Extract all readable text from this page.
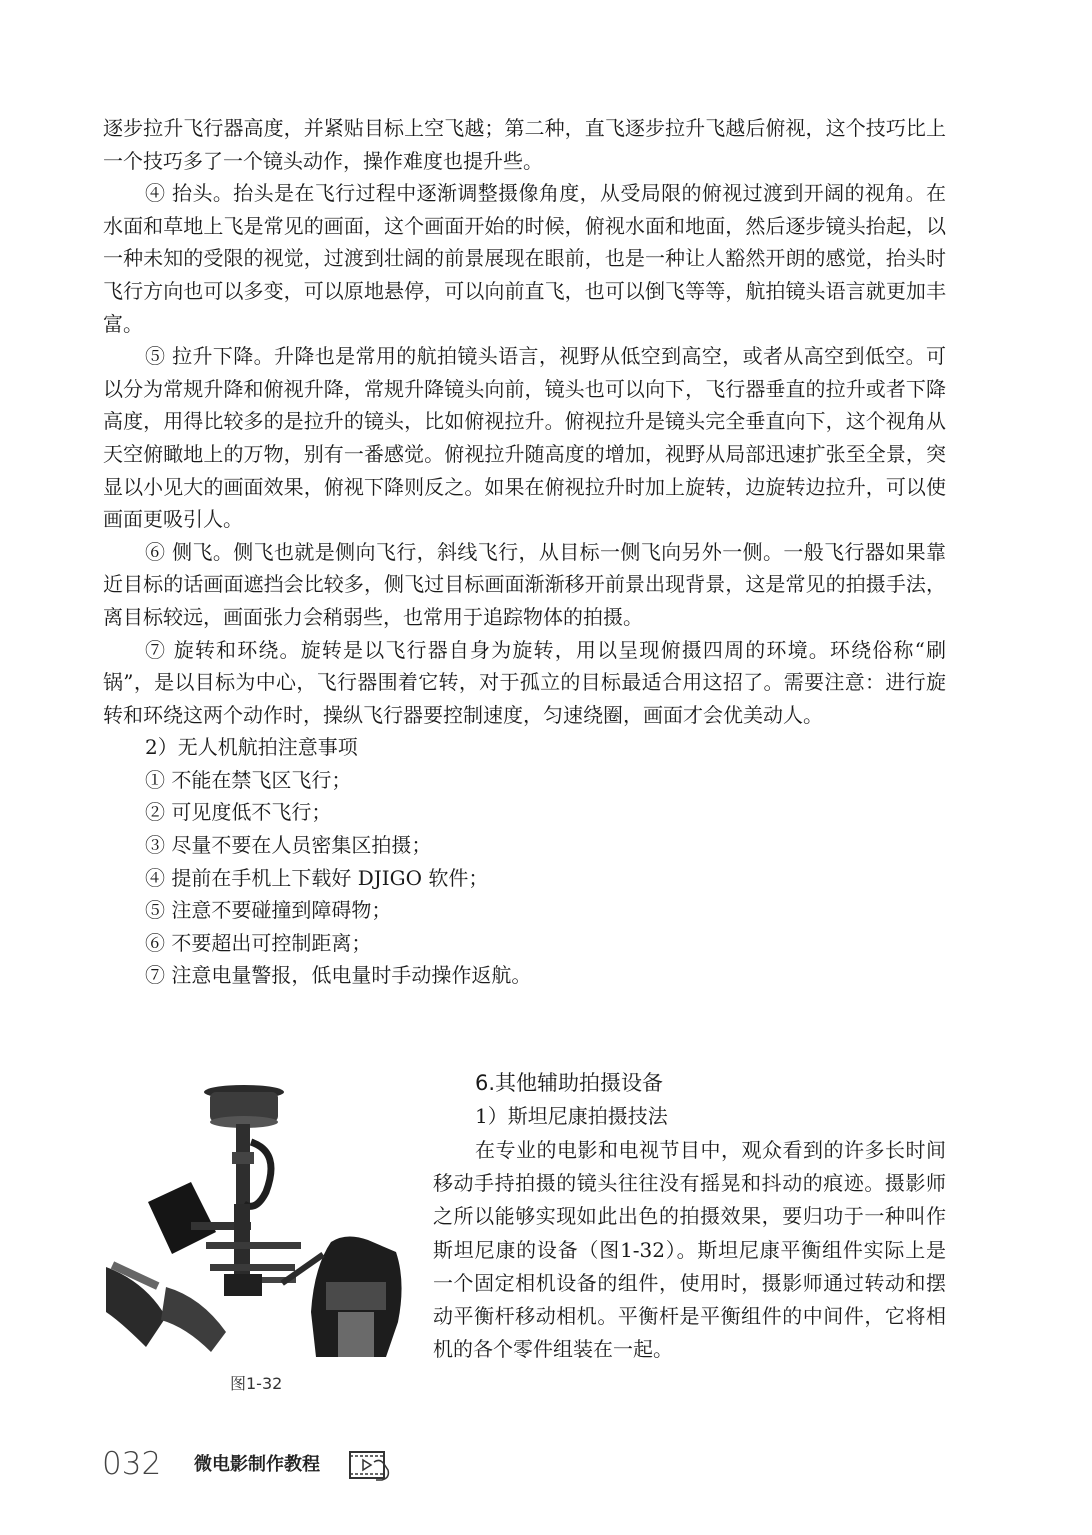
逐步拉升飞行器高度，并紧贴目标上空飞越；第二种，直飞逐步拉升飞越后俯视，这个技巧比上一个技巧多了一个镜头动作，操作难度也提升些。

④ 抬头。抬头是在飞行过程中逐渐调整摄像角度，从受局限的俯视过渡到开阔的视角。在水面和草地上飞是常见的画面，这个画面开始的时候，俯视水面和地面，然后逐步镜头抬起，以一种未知的受限的视觉，过渡到壮阔的前景展现在眼前，也是一种让人豁然开朗的感觉，抬头时飞行方向也可以多变，可以原地悬停，可以向前直飞，也可以倒飞等等，航拍镜头语言就更加丰富。

⑤ 拉升下降。升降也是常用的航拍镜头语言，视野从低空到高空，或者从高空到低空。可以分为常规升降和俯视升降，常规升降镜头向前，镜头也可以向下，飞行器垂直的拉升或者下降高度，用得比较多的是拉升的镜头，比如俯视拉升。俯视拉升是镜头完全垂直向下，这个视角从天空俯瞰地上的万物，别有一番感觉。俯视拉升随高度的增加，视野从局部迅速扩张至全景，突显以小见大的画面效果，俯视下降则反之。如果在俯视拉升时加上旋转，边旋转边拉升，可以使画面更吸引人。

⑥ 侧飞。侧飞也就是侧向飞行，斜线飞行，从目标一侧飞向另外一侧。一般飞行器如果靠近目标的话画面遮挡会比较多，侧飞过目标画面渐渐移开前景出现背景，这是常见的拍摄手法，离目标较远，画面张力会稍弱些，也常用于追踪物体的拍摄。

⑦ 旋转和环绕。旋转是以飞行器自身为旋转，用以呈现俯摄四周的环境。环绕俗称“刷锅”，是以目标为中心，飞行器围着它转，对于孤立的目标最适合用这招了。需要注意：进行旋转和环绕这两个动作时，操纵飞行器要控制速度，匀速绕圈，画面才会优美动人。

2）无人机航拍注意事项

① 不能在禁飞区飞行；

② 可见度低不飞行；

③ 尽量不要在人员密集区拍摄；

④ 提前在手机上下载好 DJIGO 软件；

⑤ 注意不要碰撞到障碍物；

⑥ 不要超出可控制距离；

⑦ 注意电量警报，低电量时手动操作返航。

6.其他辅助拍摄设备
1）斯坦尼康拍摄技法

在专业的电影和电视节目中，观众看到的许多长时间移动手持拍摄的镜头往往没有摇晃和抖动的痕迹。摄影师之所以能够实现如此出色的拍摄效果，要归功于一种叫作斯坦尼康的设备（图1-32）。斯坦尼康平衡组件实际上是一个固定相机设备的组件，使用时，摄影师通过转动和摆动平衡杆移动相机。平衡杆是平衡组件的中间件，它将相机的各个零件组装在一起。

图1-32
032 微电影制作教程
